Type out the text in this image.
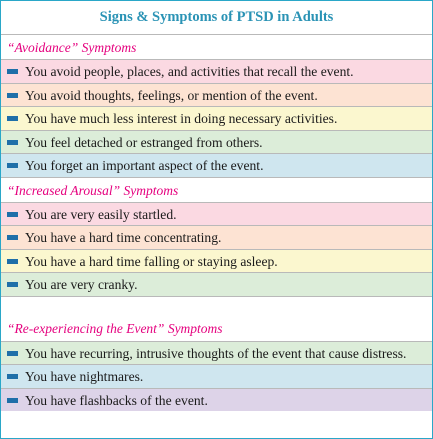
Signs & Symptoms of PTSD in Adults
“Avoidance” Symptoms
You avoid people, places, and activities that recall the event.
You avoid thoughts, feelings, or mention of the event.
You have much less interest in doing necessary activities.
You feel detached or estranged from others.
You forget an important aspect of the event.
“Increased Arousal” Symptoms
You are very easily startled.
You have a hard time concentrating.
You have a hard time falling or staying asleep.
You are very cranky.
“Re-experiencing the Event” Symptoms
You have recurring, intrusive thoughts of the event that cause distress.
You have nightmares.
You have flashbacks of the event.
